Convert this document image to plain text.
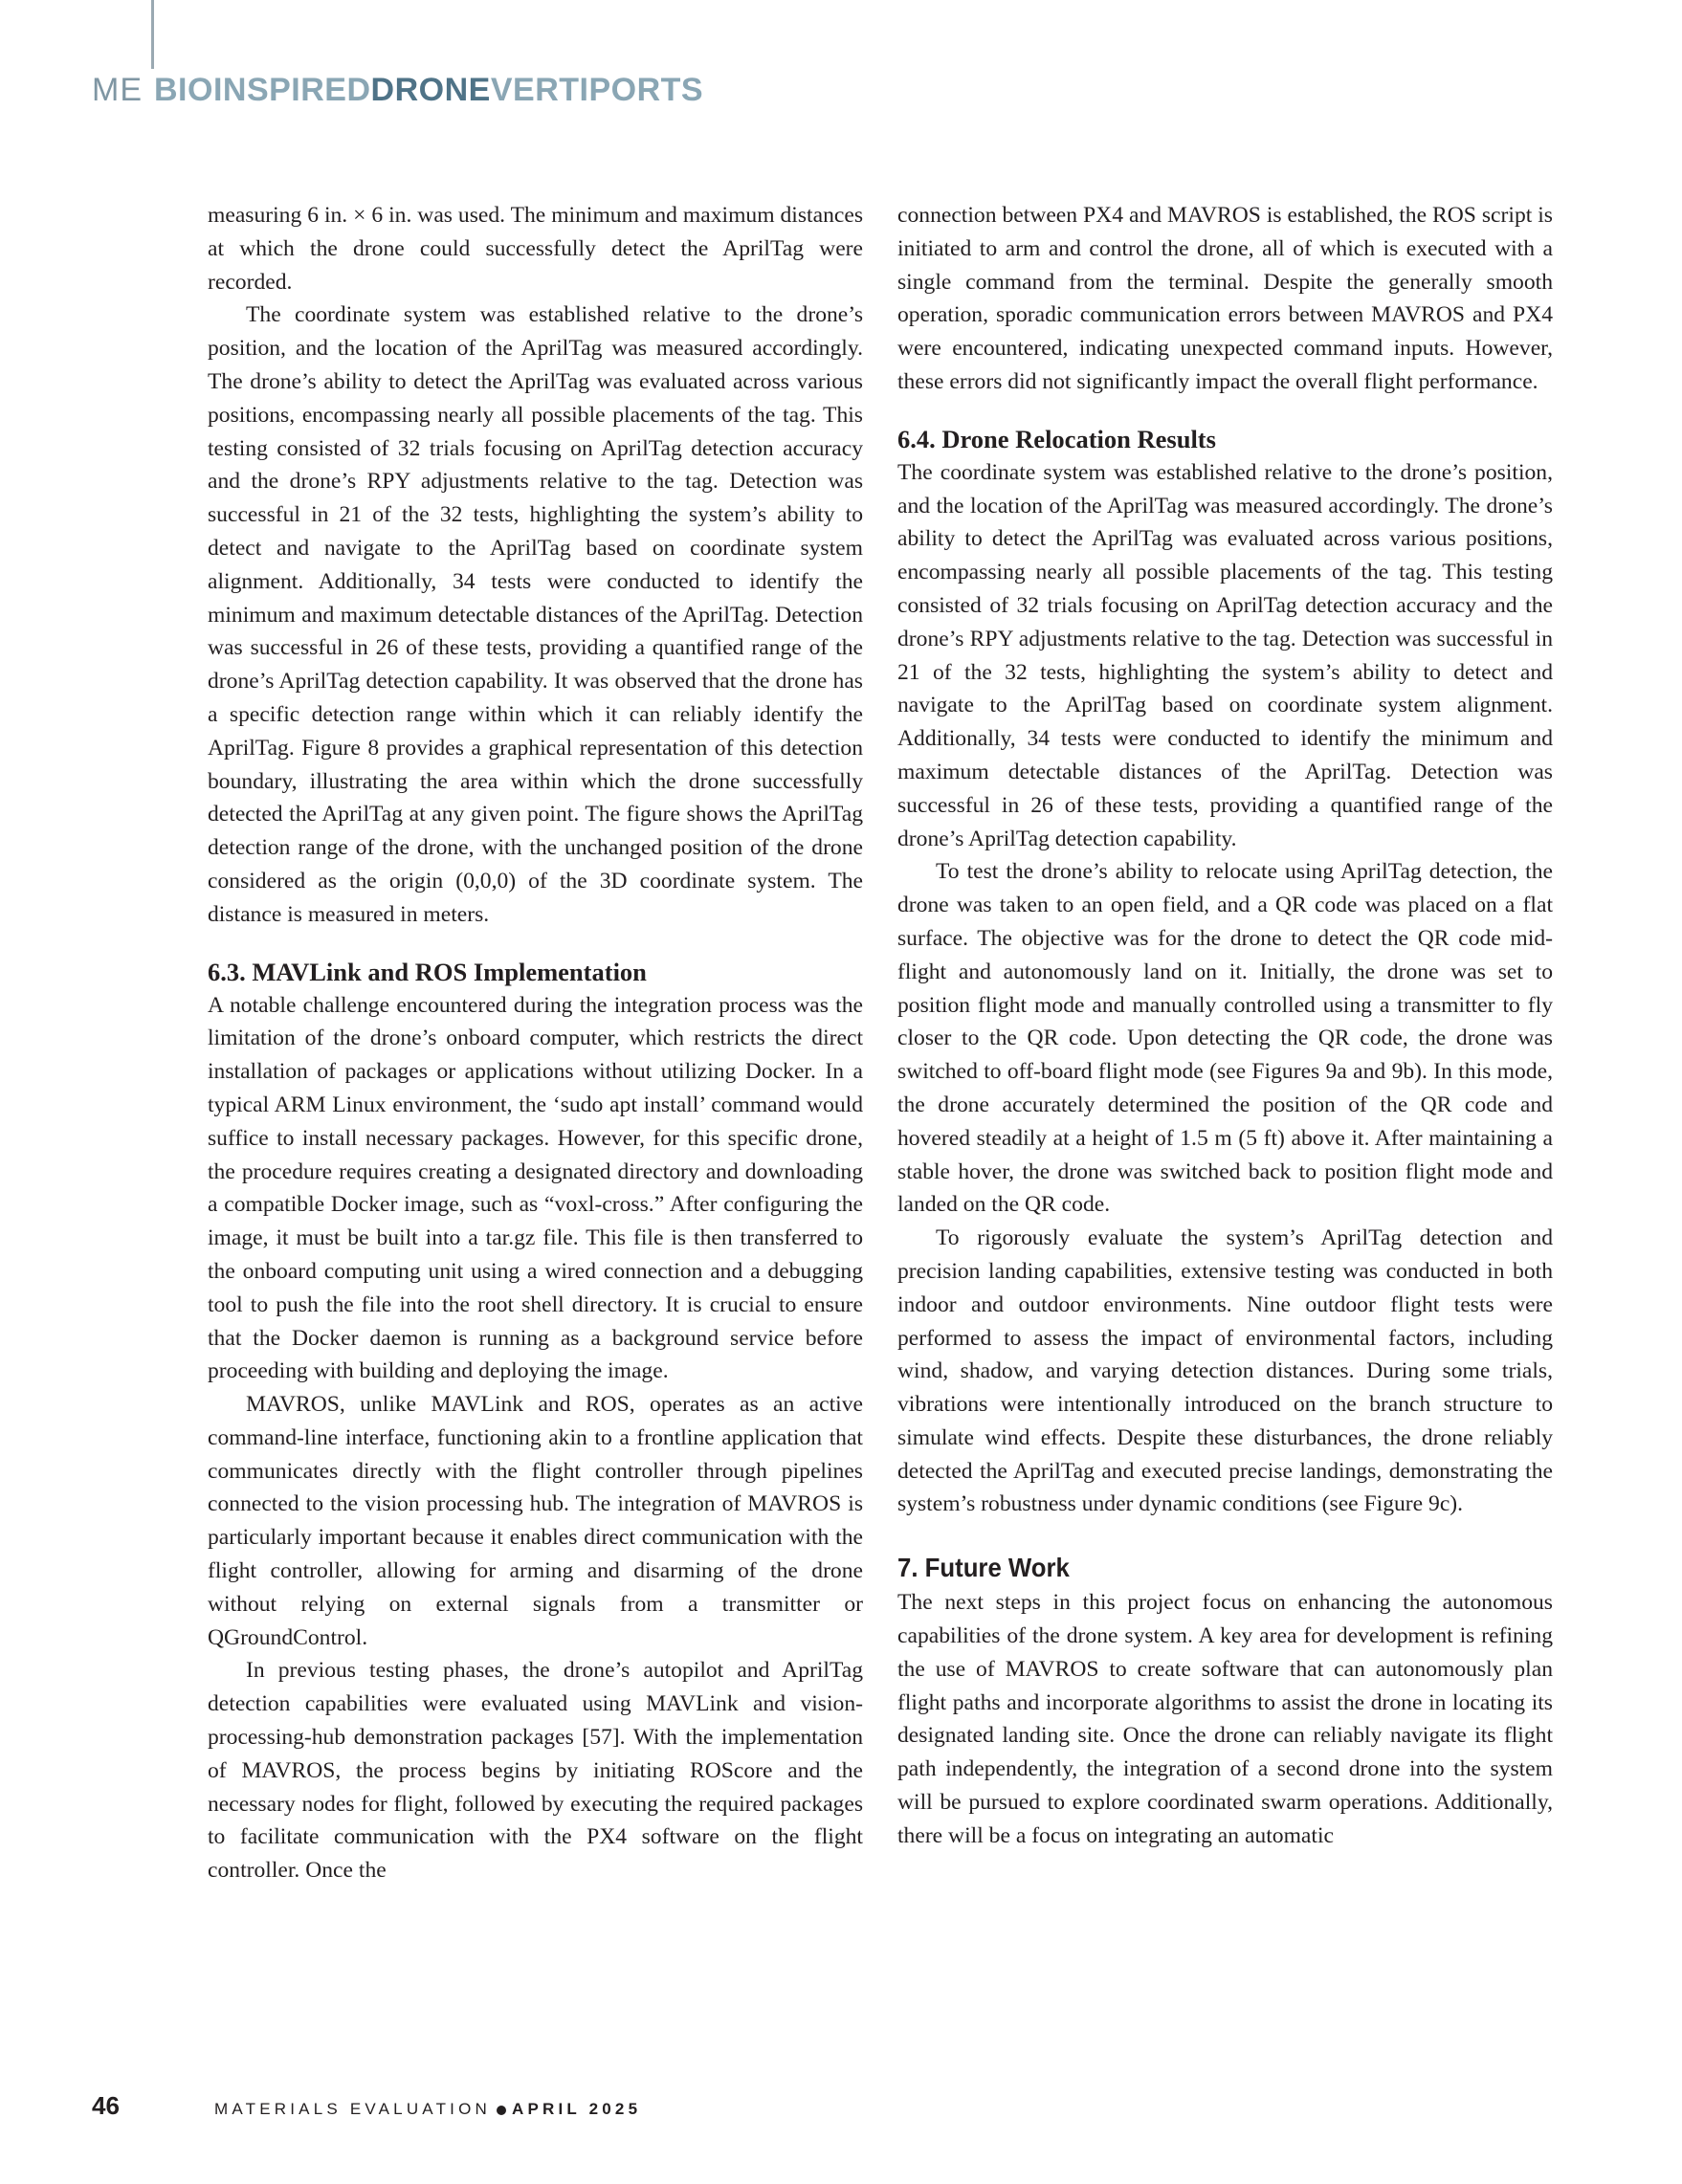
ME BIOINSPIREDDRONEVERTIPORTS

measuring 6 in. × 6 in. was used. The minimum and maximum distances at which the drone could successfully detect the AprilTag were recorded.

The coordinate system was established relative to the drone’s position, and the location of the AprilTag was measured accordingly. The drone’s ability to detect the AprilTag was evaluated across various positions, encompassing nearly all possible placements of the tag. This testing consisted of 32 trials focusing on AprilTag detection accuracy and the drone’s RPY adjustments relative to the tag. Detection was successful in 21 of the 32 tests, highlighting the system’s ability to detect and navigate to the AprilTag based on coordinate system alignment. Additionally, 34 tests were conducted to identify the minimum and maximum detectable distances of the AprilTag. Detection was successful in 26 of these tests, providing a quantified range of the drone’s AprilTag detection capability. It was observed that the drone has a specific detection range within which it can reliably identify the AprilTag. Figure 8 provides a graphical representation of this detection boundary, illustrating the area within which the drone successfully detected the AprilTag at any given point. The figure shows the AprilTag detection range of the drone, with the unchanged position of the drone considered as the origin (0,0,0) of the 3D coordinate system. The distance is measured in meters.

6.3. MAVLink and ROS Implementation

A notable challenge encountered during the integration process was the limitation of the drone’s onboard computer, which restricts the direct installation of packages or applications without utilizing Docker. In a typical ARM Linux environment, the ‘sudo apt install’ command would suffice to install necessary packages. However, for this specific drone, the procedure requires creating a designated directory and downloading a compatible Docker image, such as “voxl-cross.” After configuring the image, it must be built into a tar.gz file. This file is then transferred to the onboard computing unit using a wired connection and a debugging tool to push the file into the root shell directory. It is crucial to ensure that the Docker daemon is running as a background service before proceeding with building and deploying the image.

MAVROS, unlike MAVLink and ROS, operates as an active command-line interface, functioning akin to a frontline application that communicates directly with the flight controller through pipelines connected to the vision processing hub. The integration of MAVROS is particularly important because it enables direct communication with the flight controller, allowing for arming and disarming of the drone without relying on external signals from a transmitter or QGroundControl.

In previous testing phases, the drone’s autopilot and AprilTag detection capabilities were evaluated using MAVLink and vision-processing-hub demonstration packages [57]. With the implementation of MAVROS, the process begins by initiating ROScore and the necessary nodes for flight, followed by executing the required packages to facilitate communication with the PX4 software on the flight controller. Once the

connection between PX4 and MAVROS is established, the ROS script is initiated to arm and control the drone, all of which is executed with a single command from the terminal. Despite the generally smooth operation, sporadic communication errors between MAVROS and PX4 were encountered, indicating unexpected command inputs. However, these errors did not significantly impact the overall flight performance.

6.4. Drone Relocation Results

The coordinate system was established relative to the drone’s position, and the location of the AprilTag was measured accordingly. The drone’s ability to detect the AprilTag was evaluated across various positions, encompassing nearly all possible placements of the tag. This testing consisted of 32 trials focusing on AprilTag detection accuracy and the drone’s RPY adjustments relative to the tag. Detection was successful in 21 of the 32 tests, highlighting the system’s ability to detect and navigate to the AprilTag based on coordinate system alignment. Additionally, 34 tests were conducted to identify the minimum and maximum detectable distances of the AprilTag. Detection was successful in 26 of these tests, providing a quantified range of the drone’s AprilTag detection capability.

To test the drone’s ability to relocate using AprilTag detection, the drone was taken to an open field, and a QR code was placed on a flat surface. The objective was for the drone to detect the QR code mid-flight and autonomously land on it. Initially, the drone was set to position flight mode and manually controlled using a transmitter to fly closer to the QR code. Upon detecting the QR code, the drone was switched to off-board flight mode (see Figures 9a and 9b). In this mode, the drone accurately determined the position of the QR code and hovered steadily at a height of 1.5 m (5 ft) above it. After maintaining a stable hover, the drone was switched back to position flight mode and landed on the QR code.

To rigorously evaluate the system’s AprilTag detection and precision landing capabilities, extensive testing was conducted in both indoor and outdoor environments. Nine outdoor flight tests were performed to assess the impact of environmental factors, including wind, shadow, and varying detection distances. During some trials, vibrations were intentionally introduced on the branch structure to simulate wind effects. Despite these disturbances, the drone reliably detected the AprilTag and executed precise landings, demonstrating the system’s robustness under dynamic conditions (see Figure 9c).

7. Future Work

The next steps in this project focus on enhancing the autonomous capabilities of the drone system. A key area for development is refining the use of MAVROS to create software that can autonomously plan flight paths and incorporate algorithms to assist the drone in locating its designated landing site. Once the drone can reliably navigate its flight path independently, the integration of a second drone into the system will be pursued to explore coordinated swarm operations. Additionally, there will be a focus on integrating an automatic

46	MATERIALS EVALUATION APRIL 2025
